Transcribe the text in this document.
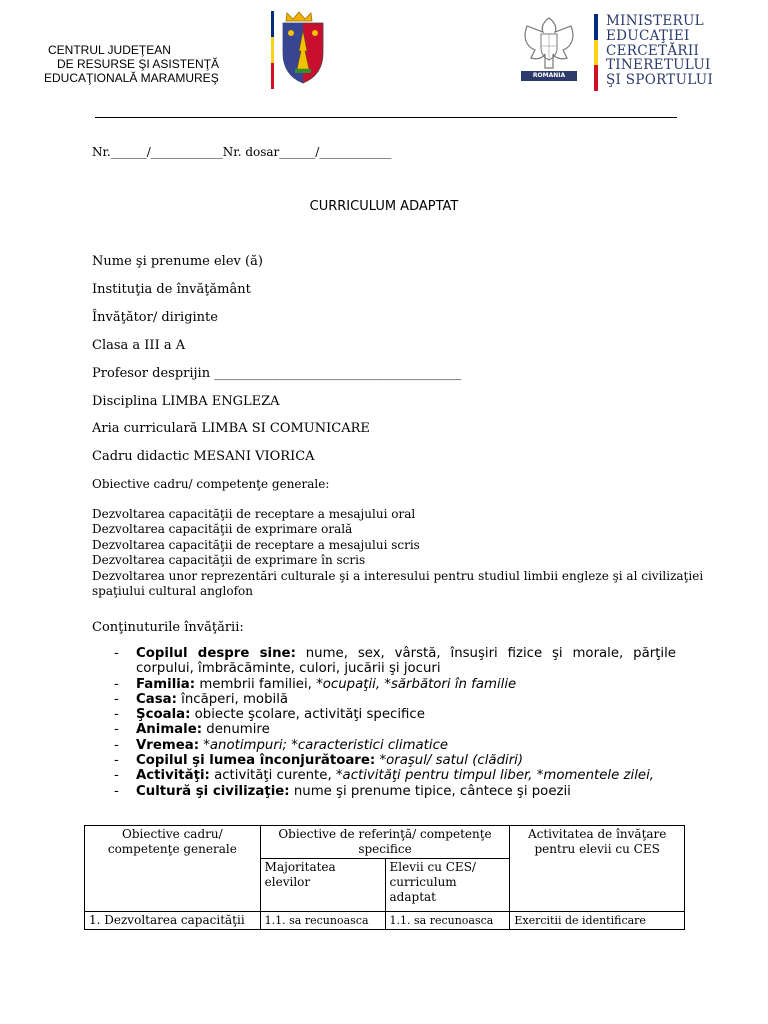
CENTRUL JUDEŢEAN
DE RESURSE ŞI ASISTENŢĂ
EDUCAŢIONALĂ MARAMUREŞ	ROMANIA
MINISTERUL
EDUCAŢIEI
CERCETĂRII
TINERETULUI
ŞI SPORTULUI
Nr.______/____________Nr. dosar______/____________
CURRICULUM ADAPTAT
Nume şi prenume elev (ă)
Instituţia de învăţământ
Învăţător/ diriginte
Clasa a III a A
Profesor desprijin ______________________________________
Disciplina LIMBA ENGLEZA
Aria curriculară LIMBA SI COMUNICARE
Cadru didactic MESANI VIORICA
Obiective cadru/ competenţe generale:
Dezvoltarea capacităţii de receptare a mesajului oral
Dezvoltarea capacităţii de exprimare orală
Dezvoltarea capacităţii de receptare a mesajului scris
Dezvoltarea capacităţii de exprimare în scris
Dezvoltarea unor reprezentări culturale şi a interesului pentru studiul limbii engleze şi al civilizaţiei
spaţiului cultural anglofon
Conţinuturile învăţării:
- Copilul despre sine: nume, sex, vârstă, însuşiri fizice şi morale, părţile corpului, îmbrăcăminte, culori, jucării şi jocuri
- Familia: membrii familiei, *ocupaţii, *sărbători în familie
- Casa: încăperi, mobilă
- Şcoala: obiecte şcolare, activităţi specifice
- Animale: denumire
- Vremea: *anotimpuri; *caracteristici climatice
- Copilul şi lumea înconjurătoare: *oraşul/ satul (clădiri)
- Activităţi: activităţi curente, *activităţi pentru timpul liber, *momentele zilei,
- Cultură şi civilizaţie: nume şi prenume tipice, cântece şi poezii
Obiective cadru/ competenţe generale	Obiective de referinţă/ competenţe specifice		Activitatea de învăţare pentru elevii cu CES
	Majoritatea elevilor	Elevii cu CES/ curriculum adaptat	
1. Dezvoltarea capacităţii	1.1. sa recunoasca	1.1. sa recunoasca	Exercitii de identificare
